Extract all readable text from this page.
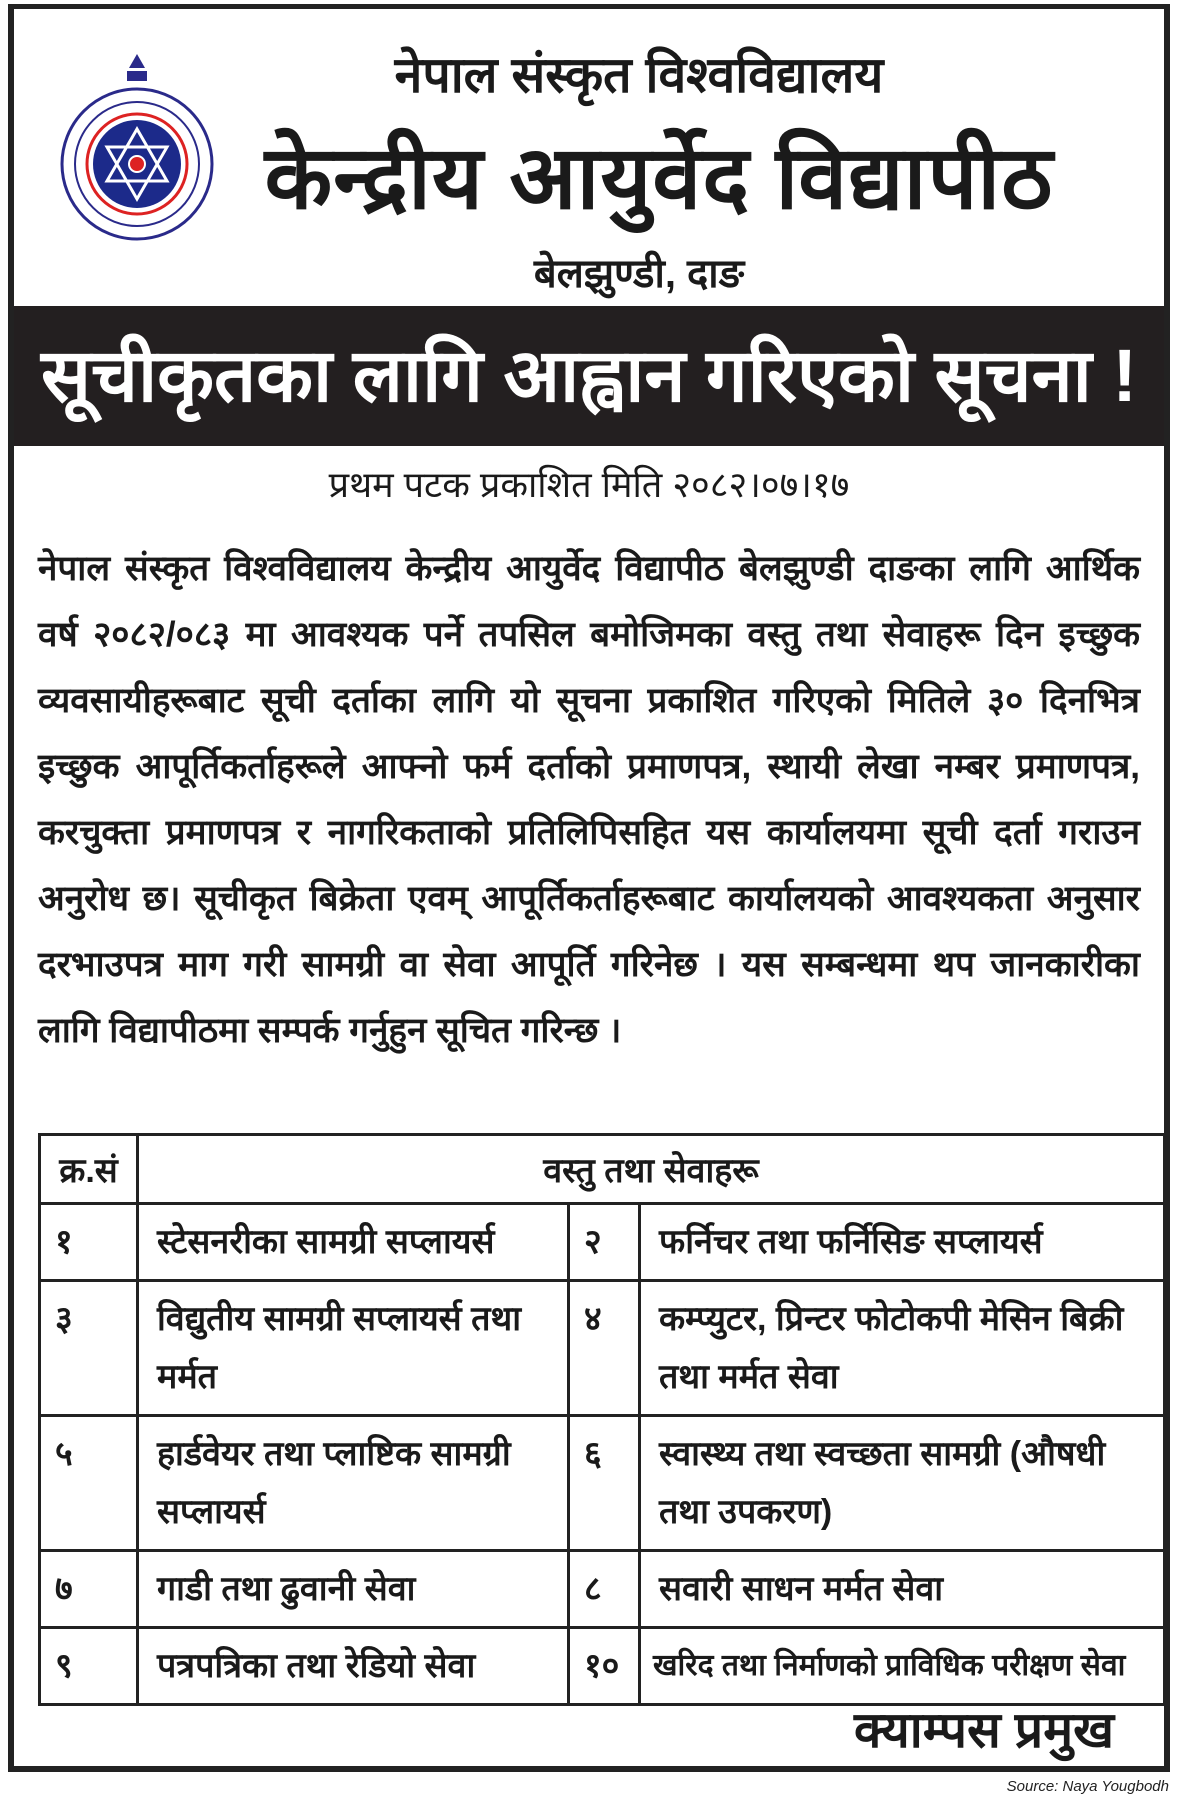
नेपाल संस्कृत विश्वविद्यालय
केन्द्रीय आयुर्वेद विद्यापीठ
बेलझुण्डी, दाङ
सूचीकृतका लागि आह्वान गरिएको सूचना !
प्रथम पटक प्रकाशित मिति २०८२।०७।१७
नेपाल संस्कृत विश्वविद्यालय केन्द्रीय आयुर्वेद विद्यापीठ बेलझुण्डी दाङका लागि आर्थिक वर्ष २०८२/०८३ मा आवश्यक पर्ने तपसिल बमोजिमका वस्तु तथा सेवाहरू दिन इच्छुक व्यवसायीहरूबाट सूची दर्ताका लागि यो सूचना प्रकाशित गरिएको मितिले ३० दिनभित्र इच्छुक आपूर्तिकर्ताहरूले आफ्नो फर्म दर्ताको प्रमाणपत्र, स्थायी लेखा नम्बर प्रमाणपत्र, करचुक्ता प्रमाणपत्र र नागरिकताको प्रतिलिपिसहित यस कार्यालयमा सूची दर्ता गराउन अनुरोध छ। सूचीकृत बिक्रेता एवम् आपूर्तिकर्ताहरूबाट कार्यालयको आवश्यकता अनुसार दरभाउपत्र माग गरी सामग्री वा सेवा आपूर्ति गरिनेछ । यस सम्बन्धमा थप जानकारीका लागि विद्यापीठमा सम्पर्क गर्नुहुन सूचित गरिन्छ ।
क्र.सं	वस्तु तथा सेवाहरू		
१	स्टेसनरीका सामग्री सप्लायर्स	२	फर्निचर तथा फर्निसिङ सप्लायर्स
३	विद्युतीय सामग्री सप्लायर्स तथा मर्मत	४	कम्प्युटर, प्रिन्टर फोटोकपी मेसिन बिक्री तथा मर्मत सेवा
५	हार्डवेयर तथा प्लाष्टिक सामग्री सप्लायर्स	६	स्वास्थ्य तथा स्वच्छता सामग्री (औषधी तथा उपकरण)
७	गाडी तथा ढुवानी सेवा	८	सवारी साधन मर्मत सेवा
९	पत्रपत्रिका तथा रेडियो सेवा	१०	खरिद तथा निर्माणको प्राविधिक परीक्षण सेवा
क्याम्पस प्रमुख
Source: Naya Yougbodh
